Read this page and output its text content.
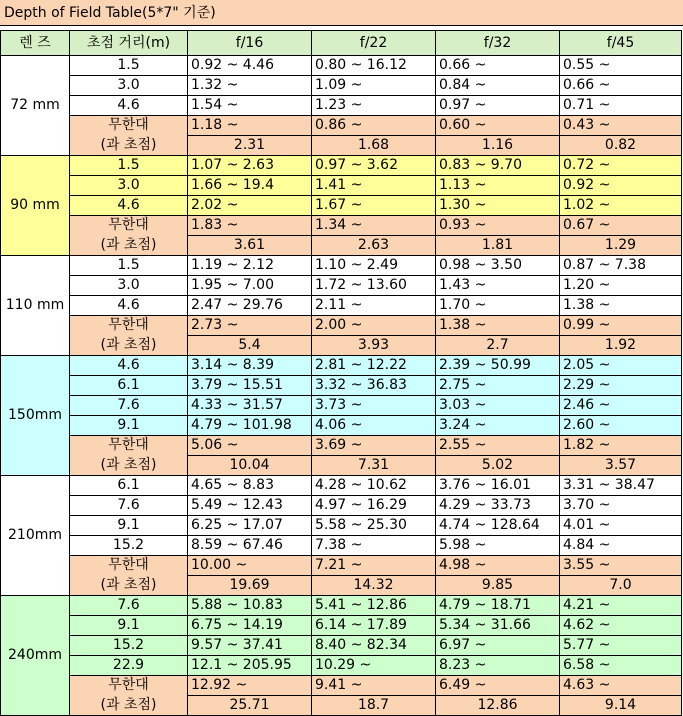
Depth of Field Table(5*7" 기준)
렌 즈	초점 거리(m)	f/16	f/22	f/32	f/45
72 mm	1.5	0.92 ~ 4.46	0.80 ~ 16.12	0.66 ~	0.55 ~
	3.0	1.32 ~	1.09 ~	0.84 ~	0.66 ~
	4.6	1.54 ~	1.23 ~	0.97 ~	0.71 ~
	무한대	1.18 ~	0.86 ~	0.60 ~	0.43 ~
	(과 초점)	2.31	1.68	1.16	0.82
90 mm	1.5	1.07 ~ 2.63	0.97 ~ 3.62	0.83 ~ 9.70	0.72 ~
	3.0	1.66 ~ 19.4	1.41 ~	1.13 ~	0.92 ~
	4.6	2.02 ~	1.67 ~	1.30 ~	1.02 ~
	무한대	1.83 ~	1.34 ~	0.93 ~	0.67 ~
	(과 초점)	3.61	2.63	1.81	1.29
110 mm	1.5	1.19 ~ 2.12	1.10 ~ 2.49	0.98 ~ 3.50	0.87 ~ 7.38
	3.0	1.95 ~ 7.00	1.72 ~ 13.60	1.43 ~	1.20 ~
	4.6	2.47 ~ 29.76	2.11 ~	1.70 ~	1.38 ~
	무한대	2.73 ~	2.00 ~	1.38 ~	0.99 ~
	(과 초점)	5.4	3.93	2.7	1.92
150mm	4.6	3.14 ~ 8.39	2.81 ~ 12.22	2.39 ~ 50.99	2.05 ~
	6.1	3.79 ~ 15.51	3.32 ~ 36.83	2.75 ~	2.29 ~
	7.6	4.33 ~ 31.57	3.73 ~	3.03 ~	2.46 ~
	9.1	4.79 ~ 101.98	4.06 ~	3.24 ~	2.60 ~
	무한대	5.06 ~	3.69 ~	2.55 ~	1.82 ~
	(과 초점)	10.04	7.31	5.02	3.57
210mm	6.1	4.65 ~ 8.83	4.28 ~ 10.62	3.76 ~ 16.01	3.31 ~ 38.47
	7.6	5.49 ~ 12.43	4.97 ~ 16.29	4.29 ~ 33.73	3.70 ~
	9.1	6.25 ~ 17.07	5.58 ~ 25.30	4.74 ~ 128.64	4.01 ~
	15.2	8.59 ~ 67.46	7.38 ~	5.98 ~	4.84 ~
	무한대	10.00 ~	7.21 ~	4.98 ~	3.55 ~
	(과 초점)	19.69	14.32	9.85	7.0
240mm	7.6	5.88 ~ 10.83	5.41 ~ 12.86	4.79 ~ 18.71	4.21 ~
	9.1	6.75 ~ 14.19	6.14 ~ 17.89	5.34 ~ 31.66	4.62 ~
	15.2	9.57 ~ 37.41	8.40 ~ 82.34	6.97 ~	5.77 ~
	22.9	12.1 ~ 205.95	10.29 ~	8.23 ~	6.58 ~
	무한대	12.92 ~	9.41 ~	6.49 ~	4.63 ~
	(과 초점)	25.71	18.7	12.86	9.14
